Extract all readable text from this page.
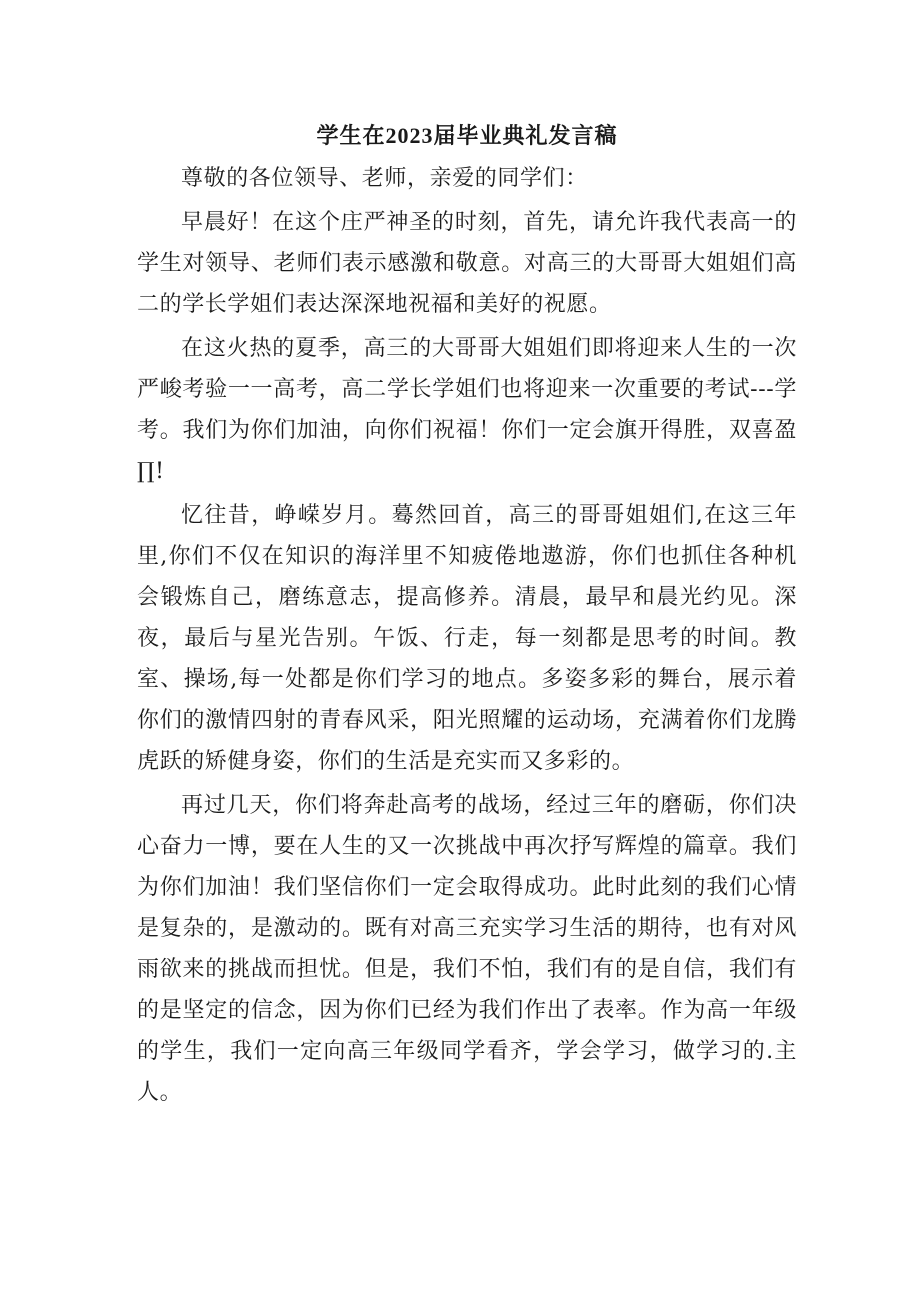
学生在2023届毕业典礼发言稿

尊敬的各位领导、老师，亲爱的同学们：

早晨好！在这个庄严神圣的时刻，首先，请允许我代表高一的学生对领导、老师们表示感激和敬意。对高三的大哥哥大姐姐们高二的学长学姐们表达深深地祝福和美好的祝愿。

在这火热的夏季，高三的大哥哥大姐姐们即将迎来人生的一次严峻考验一一高考，高二学长学姐们也将迎来一次重要的考试---学考。我们为你们加油，向你们祝福！你们一定会旗开得胜，双喜盈∏!

忆往昔，峥嵘岁月。蓦然回首，高三的哥哥姐姐们,在这三年里,你们不仅在知识的海洋里不知疲倦地遨游，你们也抓住各种机会锻炼自己，磨练意志，提高修养。清晨，最早和晨光约见。深夜，最后与星光告别。午饭、行走，每一刻都是思考的时间。教室、操场,每一处都是你们学习的地点。多姿多彩的舞台，展示着你们的激情四射的青春风采，阳光照耀的运动场，充满着你们龙腾虎跃的矫健身姿，你们的生活是充实而又多彩的。

再过几天，你们将奔赴高考的战场，经过三年的磨砺，你们决心奋力一博，要在人生的又一次挑战中再次抒写辉煌的篇章。我们为你们加油！我们坚信你们一定会取得成功。此时此刻的我们心情是复杂的，是激动的。既有对高三充实学习生活的期待，也有对风雨欲来的挑战而担忧。但是，我们不怕，我们有的是自信，我们有的是坚定的信念，因为你们已经为我们作出了表率。作为高一年级的学生，我们一定向高三年级同学看齐，学会学习，做学习的.主人。
